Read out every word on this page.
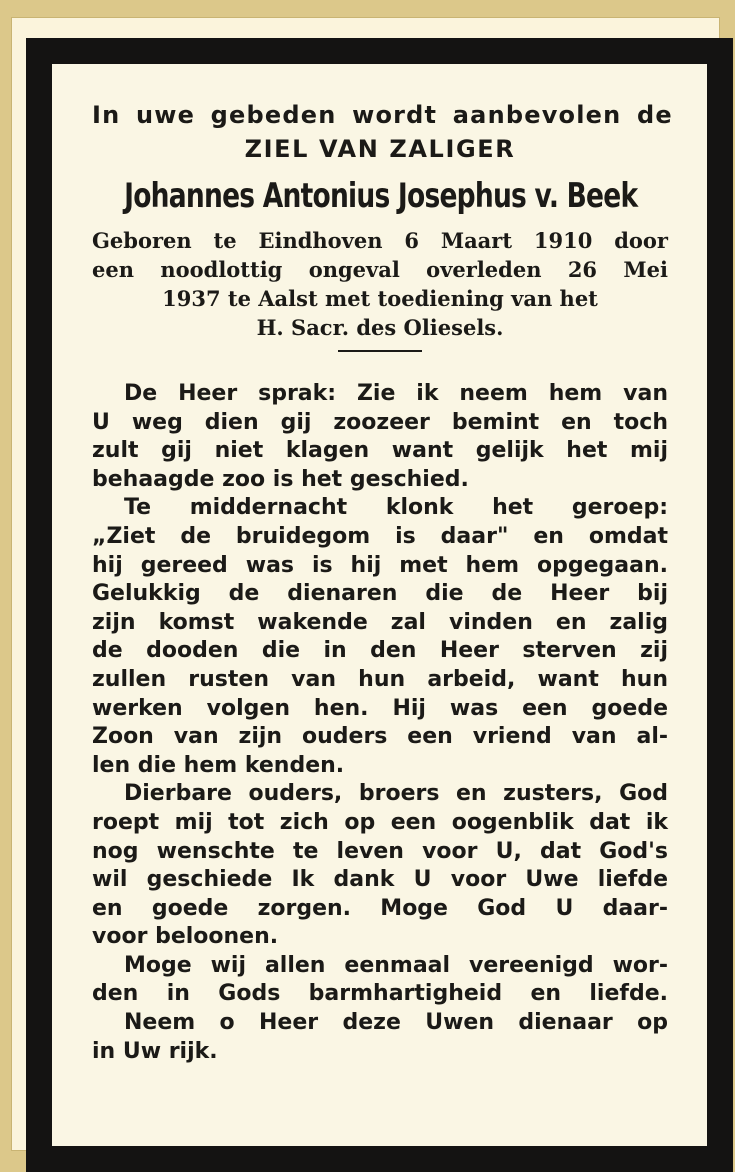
In uwe gebeden wordt aanbevolen de
ZIEL VAN ZALIGER
Johannes Antonius Josephus v. Beek
Geboren te Eindhoven 6 Maart 1910 door
een noodlottig ongeval overleden 26 Mei
1937 te Aalst met toediening van het
H. Sacr. des Oliesels.
De Heer sprak: Zie ik neem hem van
U weg dien gij zoozeer bemint en toch
zult gij niet klagen want gelijk het mij
behaagde zoo is het geschied.
Te middernacht klonk het geroep:
„Ziet de bruidegom is daar" en omdat
hij gereed was is hij met hem opgegaan.
Gelukkig de dienaren die de Heer bij
zijn komst wakende zal vinden en zalig
de dooden die in den Heer sterven zij
zullen rusten van hun arbeid, want hun
werken volgen hen. Hij was een goede
Zoon van zijn ouders een vriend van al-
len die hem kenden.
Dierbare ouders, broers en zusters, God
roept mij tot zich op een oogenblik dat ik
nog wenschte te leven voor U, dat God's
wil geschiede Ik dank U voor Uwe liefde
en goede zorgen. Moge God U daar-
voor beloonen.
Moge wij allen eenmaal vereenigd wor-
den in Gods barmhartigheid en liefde.
Neem o Heer deze Uwen dienaar op
in Uw rijk.
